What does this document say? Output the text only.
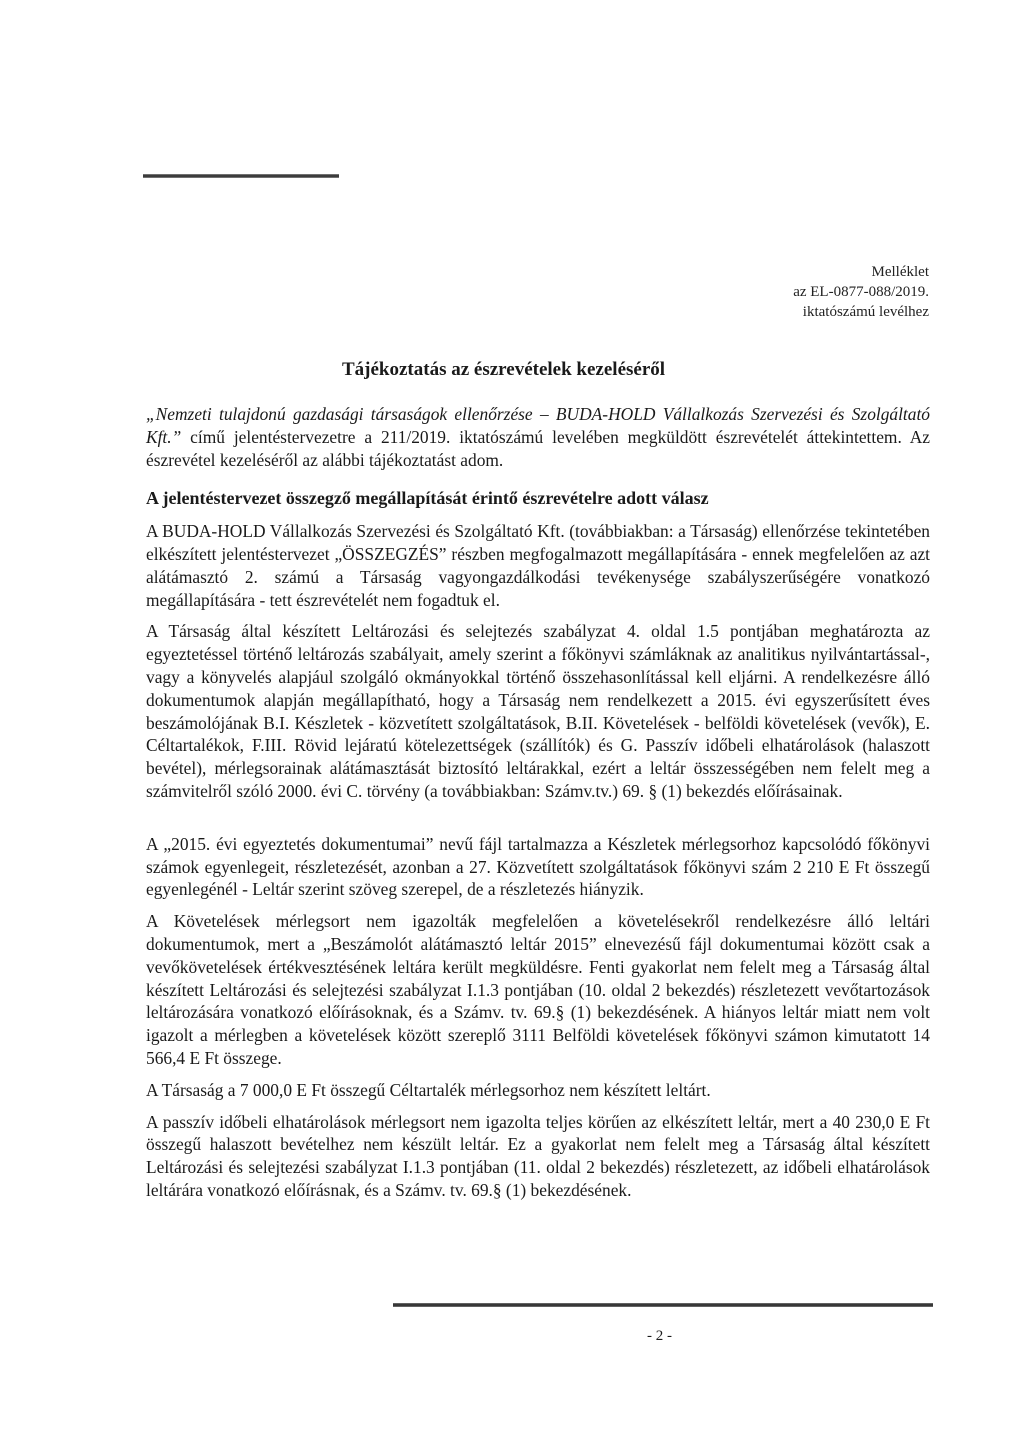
Melléklet
az EL-0877-088/2019.
iktatószámú levélhez
Tájékoztatás az észrevételek kezeléséről

„Nemzeti tulajdonú gazdasági társaságok ellenőrzése – BUDA-HOLD Vállalkozás Szervezési és Szolgáltató Kft.” című jelentéstervezetre a 211/2019. iktatószámú levelében megküldött észrevételét áttekintettem. Az észrevétel kezeléséről az alábbi tájékoztatást adom.

A jelentéstervezet összegző megállapítását érintő észrevételre adott válasz

A BUDA-HOLD Vállalkozás Szervezési és Szolgáltató Kft. (továbbiakban: a Társaság) ellenőrzése tekintetében elkészített jelentéstervezet „ÖSSZEGZÉS” részben megfogalmazott megállapítására - ennek megfelelően az azt alátámasztó 2. számú a Társaság vagyongazdálkodási tevékenysége szabályszerűségére vonatkozó megállapítására - tett észrevételét nem fogadtuk el.

A Társaság által készített Leltározási és selejtezés szabályzat 4. oldal 1.5 pontjában meghatározta az egyeztetéssel történő leltározás szabályait, amely szerint a főkönyvi számláknak az analitikus nyilvántartással-, vagy a könyvelés alapjául szolgáló okmányokkal történő összehasonlítással kell eljárni. A rendelkezésre álló dokumentumok alapján megállapítható, hogy a Társaság nem rendelkezett a 2015. évi egyszerűsített éves beszámolójának B.I. Készletek - közvetített szolgáltatások, B.II. Követelések - belföldi követelések (vevők), E. Céltartalékok, F.III. Rövid lejáratú kötelezettségek (szállítók) és G. Passzív időbeli elhatárolások (halaszott bevétel), mérlegsorainak alátámasztását biztosító leltárakkal, ezért a leltár összességében nem felelt meg a számvitelről szóló 2000. évi C. törvény (a továbbiakban: Számv.tv.) 69. § (1) bekezdés előírásainak.

A „2015. évi egyeztetés dokumentumai” nevű fájl tartalmazza a Készletek mérlegsorhoz kapcsolódó főkönyvi számok egyenlegeit, részletezését, azonban a 27. Közvetített szolgáltatások főkönyvi szám 2 210 E Ft összegű egyenlegénél - Leltár szerint szöveg szerepel, de a részletezés hiányzik.

A Követelések mérlegsort nem igazolták megfelelően a követelésekről rendelkezésre álló leltári dokumentumok, mert a „Beszámolót alátámasztó leltár 2015” elnevezésű fájl dokumentumai között csak a vevőkövetelések értékvesztésének leltára került megküldésre. Fenti gyakorlat nem felelt meg a Társaság által készített Leltározási és selejtezési szabályzat I.1.3 pontjában (10. oldal 2 bekezdés) részletezett vevőtartozások leltározására vonatkozó előírásoknak, és a Számv. tv. 69.§ (1) bekezdésének. A hiányos leltár miatt nem volt igazolt a mérlegben a követelések között szereplő 3111 Belföldi követelések főkönyvi számon kimutatott 14 566,4 E Ft összege.

A Társaság a 7 000,0 E Ft összegű Céltartalék mérlegsorhoz nem készített leltárt.

A passzív időbeli elhatárolások mérlegsort nem igazolta teljes körűen az elkészített leltár, mert a 40 230,0 E Ft összegű halaszott bevételhez nem készült leltár. Ez a gyakorlat nem felelt meg a Társaság által készített Leltározási és selejtezési szabályzat I.1.3 pontjában (11. oldal 2 bekezdés) részletezett, az időbeli elhatárolások leltárára vonatkozó előírásnak, és a Számv. tv. 69.§ (1) bekezdésének.

- 2 -
